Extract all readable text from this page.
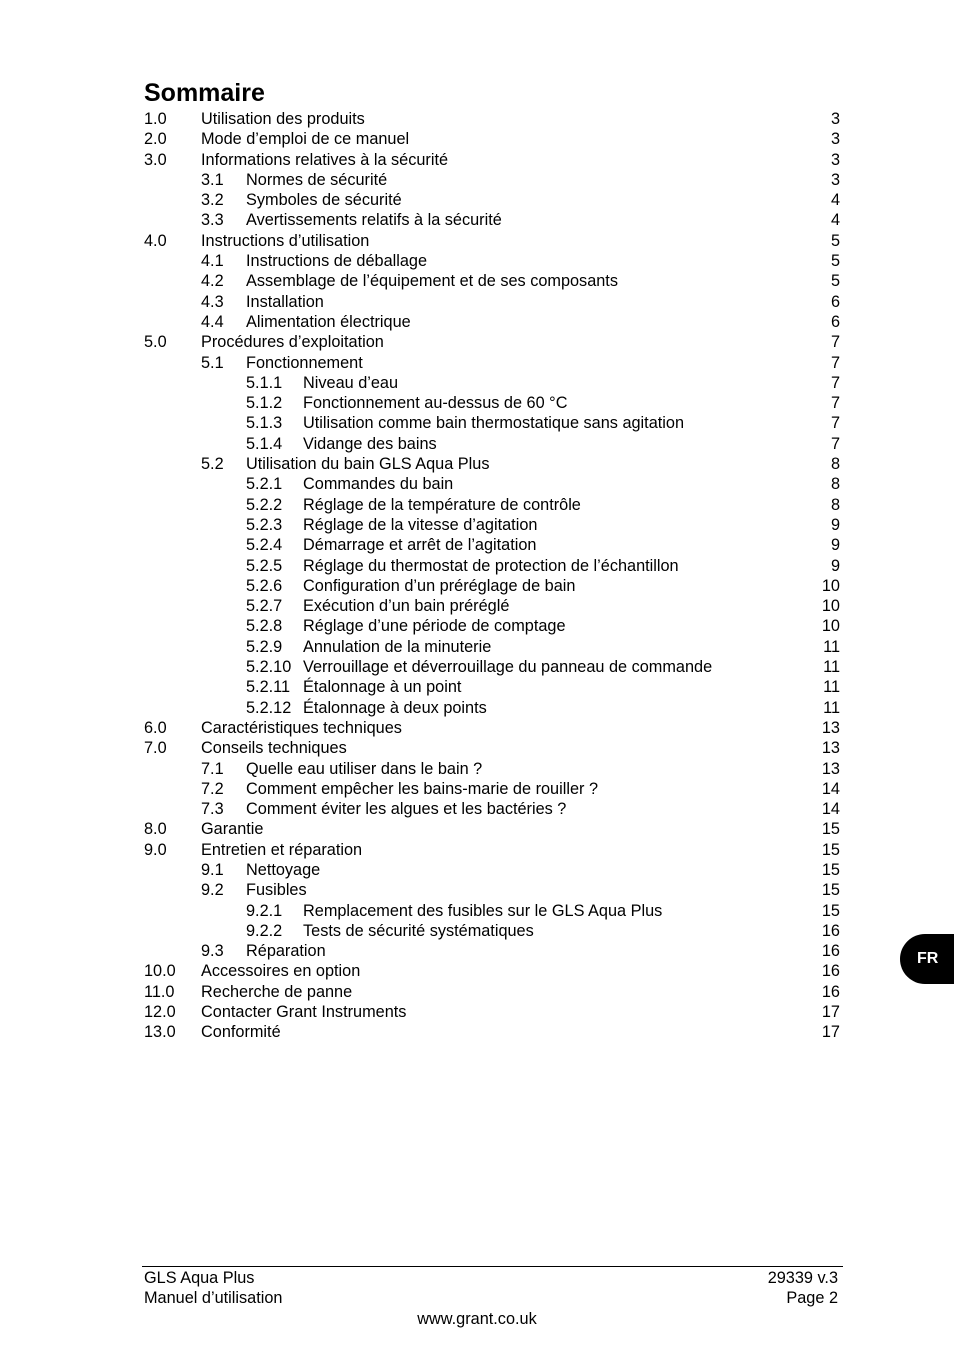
Sommaire
1.0 Utilisation des produits	3
2.0 Mode d’emploi de ce manuel	3
3.0 Informations relatives à la sécurité	3
3.1 Normes de sécurité	3
3.2 Symboles de sécurité	4
3.3 Avertissements relatifs à la sécurité	4
4.0 Instructions d’utilisation	5
4.1 Instructions de déballage	5
4.2 Assemblage de l’équipement et de ses composants	5
4.3 Installation	6
4.4 Alimentation électrique	6
5.0 Procédures d’exploitation	7
5.1 Fonctionnement	7
5.1.1 Niveau d’eau	7
5.1.2 Fonctionnement au-dessus de 60 °C	7
5.1.3 Utilisation comme bain thermostatique sans agitation	7
5.1.4 Vidange des bains	7
5.2 Utilisation du bain GLS Aqua Plus	8
5.2.1 Commandes du bain	8
5.2.2 Réglage de la température de contrôle	8
5.2.3 Réglage de la vitesse d’agitation	9
5.2.4 Démarrage et arrêt de l’agitation	9
5.2.5 Réglage du thermostat de protection de l’échantillon	9
5.2.6 Configuration d’un préréglage de bain	10
5.2.7 Exécution d’un bain préréglé	10
5.2.8 Réglage d’une période de comptage	10
5.2.9 Annulation de la minuterie	11
5.2.10 Verrouillage et déverrouillage du panneau de commande	11
5.2.11 Étalonnage à un point	11
5.2.12 Étalonnage à deux points	11
6.0 Caractéristiques techniques	13
7.0 Conseils techniques	13
7.1 Quelle eau utiliser dans le bain ?	13
7.2 Comment empêcher les bains-marie de rouiller ?	14
7.3 Comment éviter les algues et les bactéries ?	14
8.0 Garantie	15
9.0 Entretien et réparation	15
9.1 Nettoyage	15
9.2 Fusibles	15
9.2.1 Remplacement des fusibles sur le GLS Aqua Plus	15
9.2.2 Tests de sécurité systématiques	16
9.3 Réparation	16
10.0 Accessoires en option	16
11.0 Recherche de panne	16
12.0 Contacter Grant Instruments	17
13.0 Conformité	17
FR
GLS Aqua Plus
Manuel d’utilisation
29339 v.3
Page 2
www.grant.co.uk
